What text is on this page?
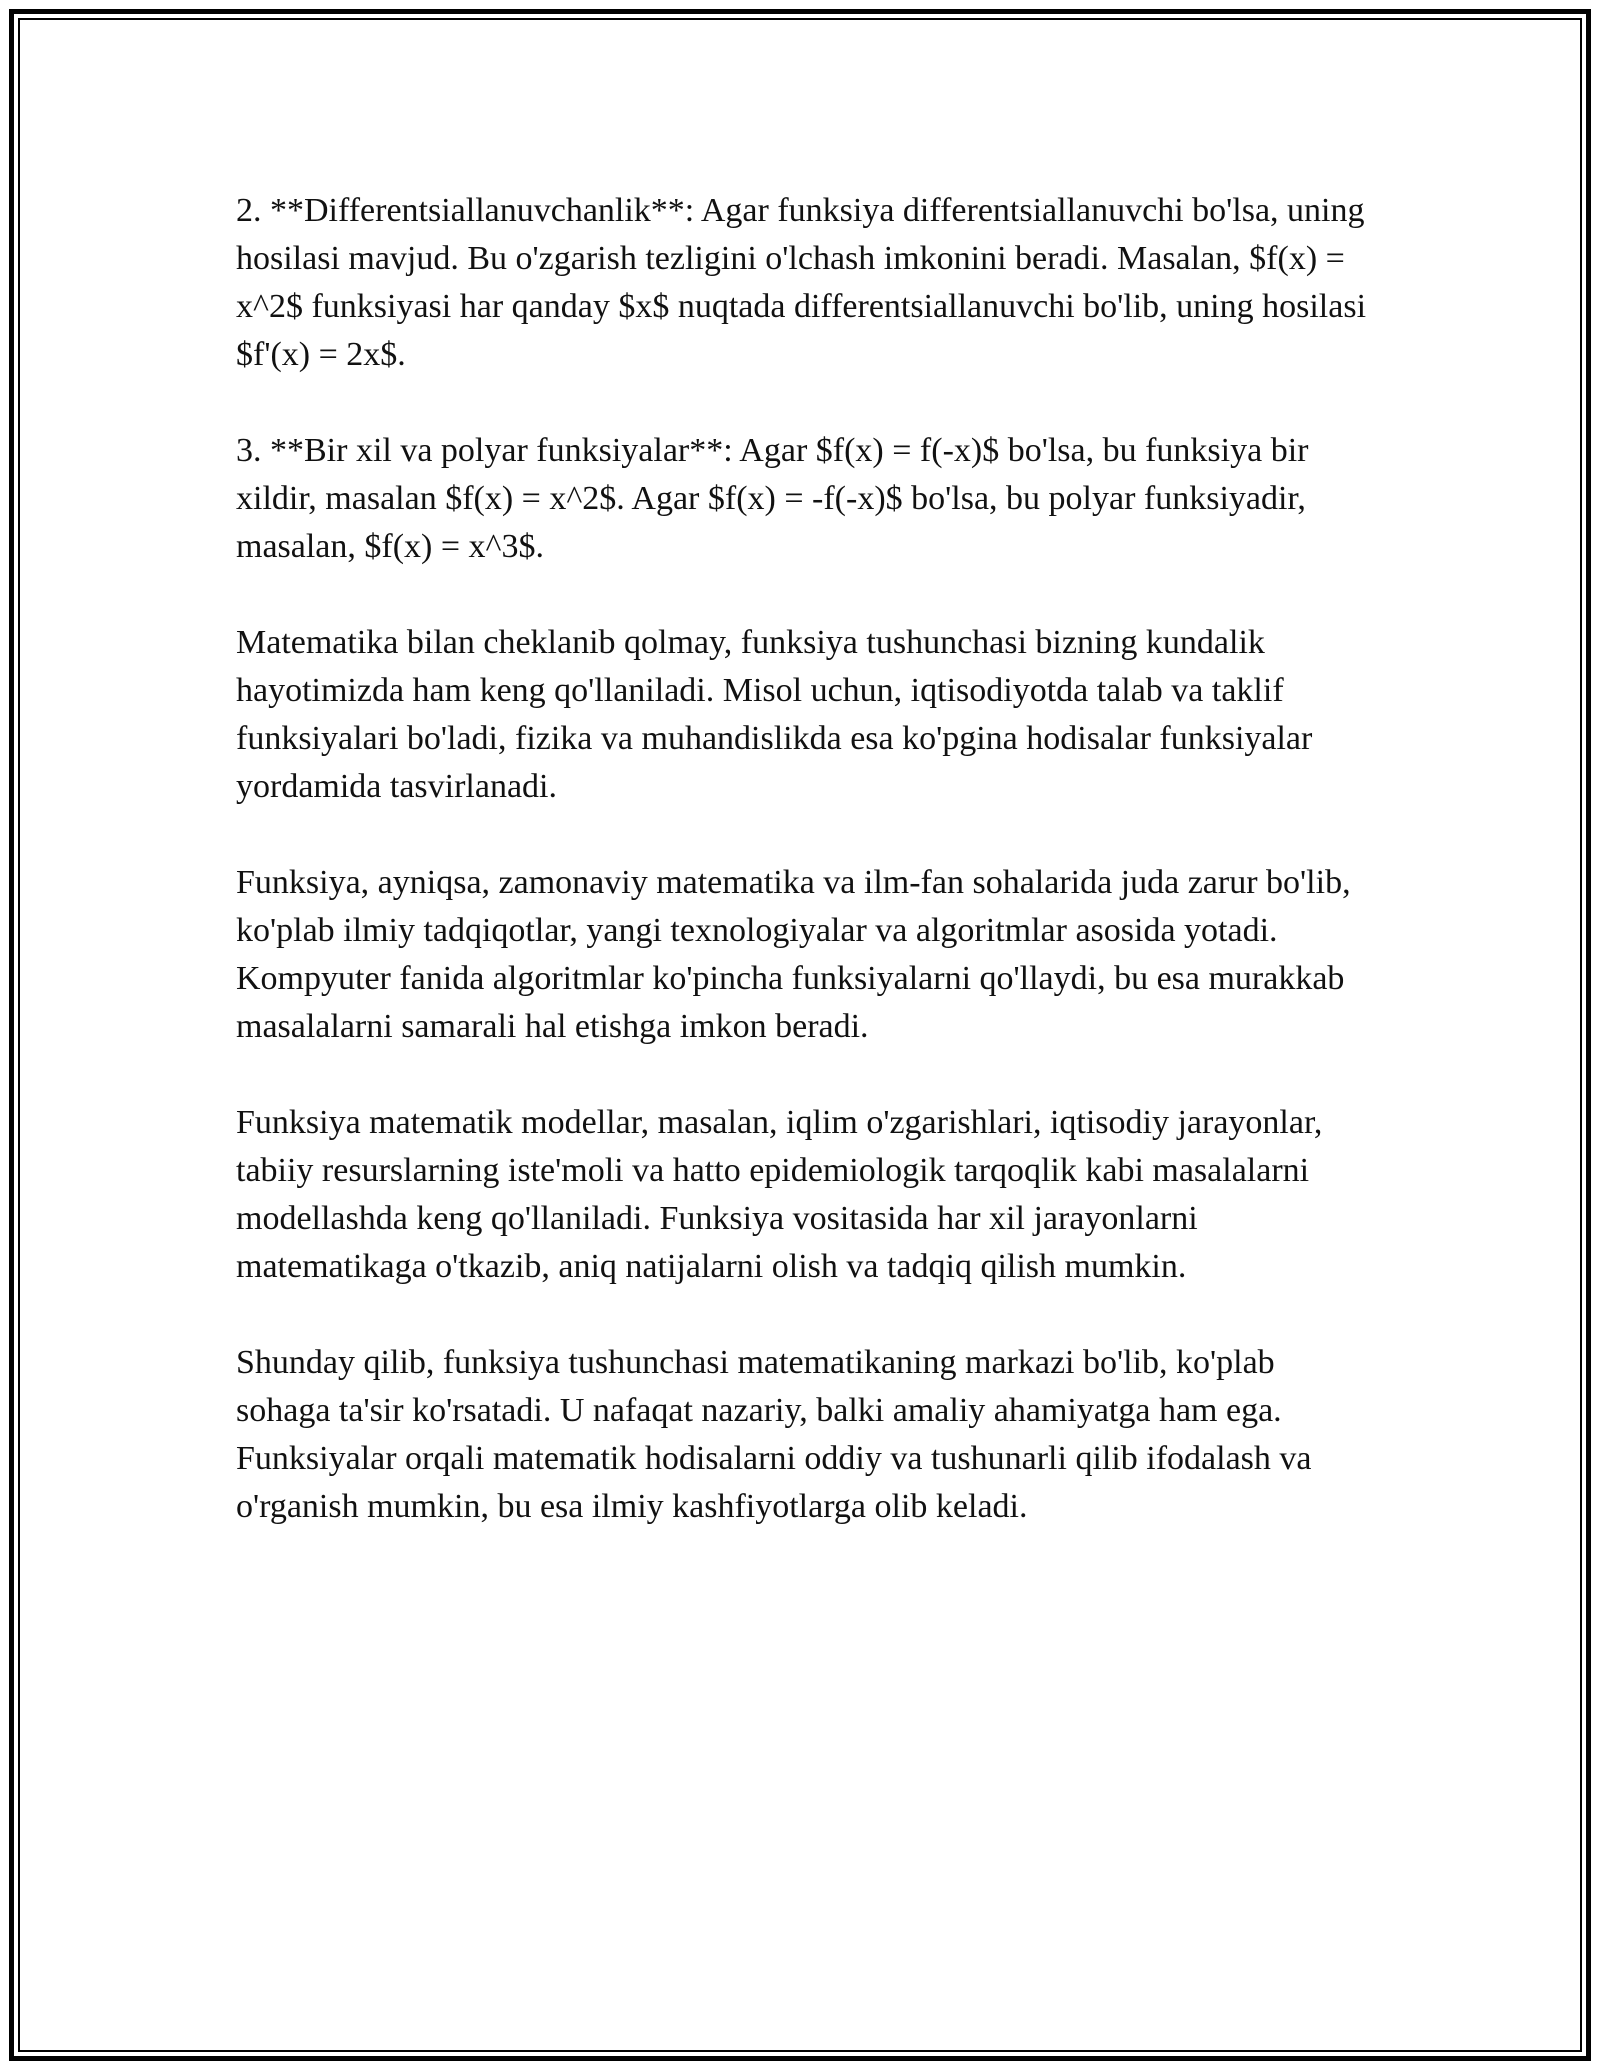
2. **Differentsiallanuvchanlik**: Agar funksiya differentsiallanuvchi bo'lsa, uning hosilasi mavjud. Bu o'zgarish tezligini o'lchash imkonini beradi. Masalan, $f(x) = x^2$ funksiyasi har qanday $x$ nuqtada differentsiallanuvchi bo'lib, uning hosilasi $f'(x) = 2x$.

3. **Bir xil va polyar funksiyalar**: Agar $f(x) = f(-x)$ bo'lsa, bu funksiya bir xildir, masalan $f(x) = x^2$. Agar $f(x) = -f(-x)$ bo'lsa, bu polyar funksiyadir, masalan, $f(x) = x^3$.

Matematika bilan cheklanib qolmay, funksiya tushunchasi bizning kundalik hayotimizda ham keng qo'llaniladi. Misol uchun, iqtisodiyotda talab va taklif funksiyalari bo'ladi, fizika va muhandislikda esa ko'pgina hodisalar funksiyalar yordamida tasvirlanadi.

Funksiya, ayniqsa, zamonaviy matematika va ilm-fan sohalarida juda zarur bo'lib, ko'plab ilmiy tadqiqotlar, yangi texnologiyalar va algoritmlar asosida yotadi. Kompyuter fanida algoritmlar ko'pincha funksiyalarni qo'llaydi, bu esa murakkab masalalarni samarali hal etishga imkon beradi.

Funksiya matematik modellar, masalan, iqlim o'zgarishlari, iqtisodiy jarayonlar, tabiiy resurslarning iste'moli va hatto epidemiologik tarqoqlik kabi masalalarni modellashda keng qo'llaniladi. Funksiya vositasida har xil jarayonlarni matematikaga o'tkazib, aniq natijalarni olish va tadqiq qilish mumkin.

Shunday qilib, funksiya tushunchasi matematikaning markazi bo'lib, ko'plab sohaga ta'sir ko'rsatadi. U nafaqat nazariy, balki amaliy ahamiyatga ham ega. Funksiyalar orqali matematik hodisalarni oddiy va tushunarli qilib ifodalash va o'rganish mumkin, bu esa ilmiy kashfiyotlarga olib keladi.
